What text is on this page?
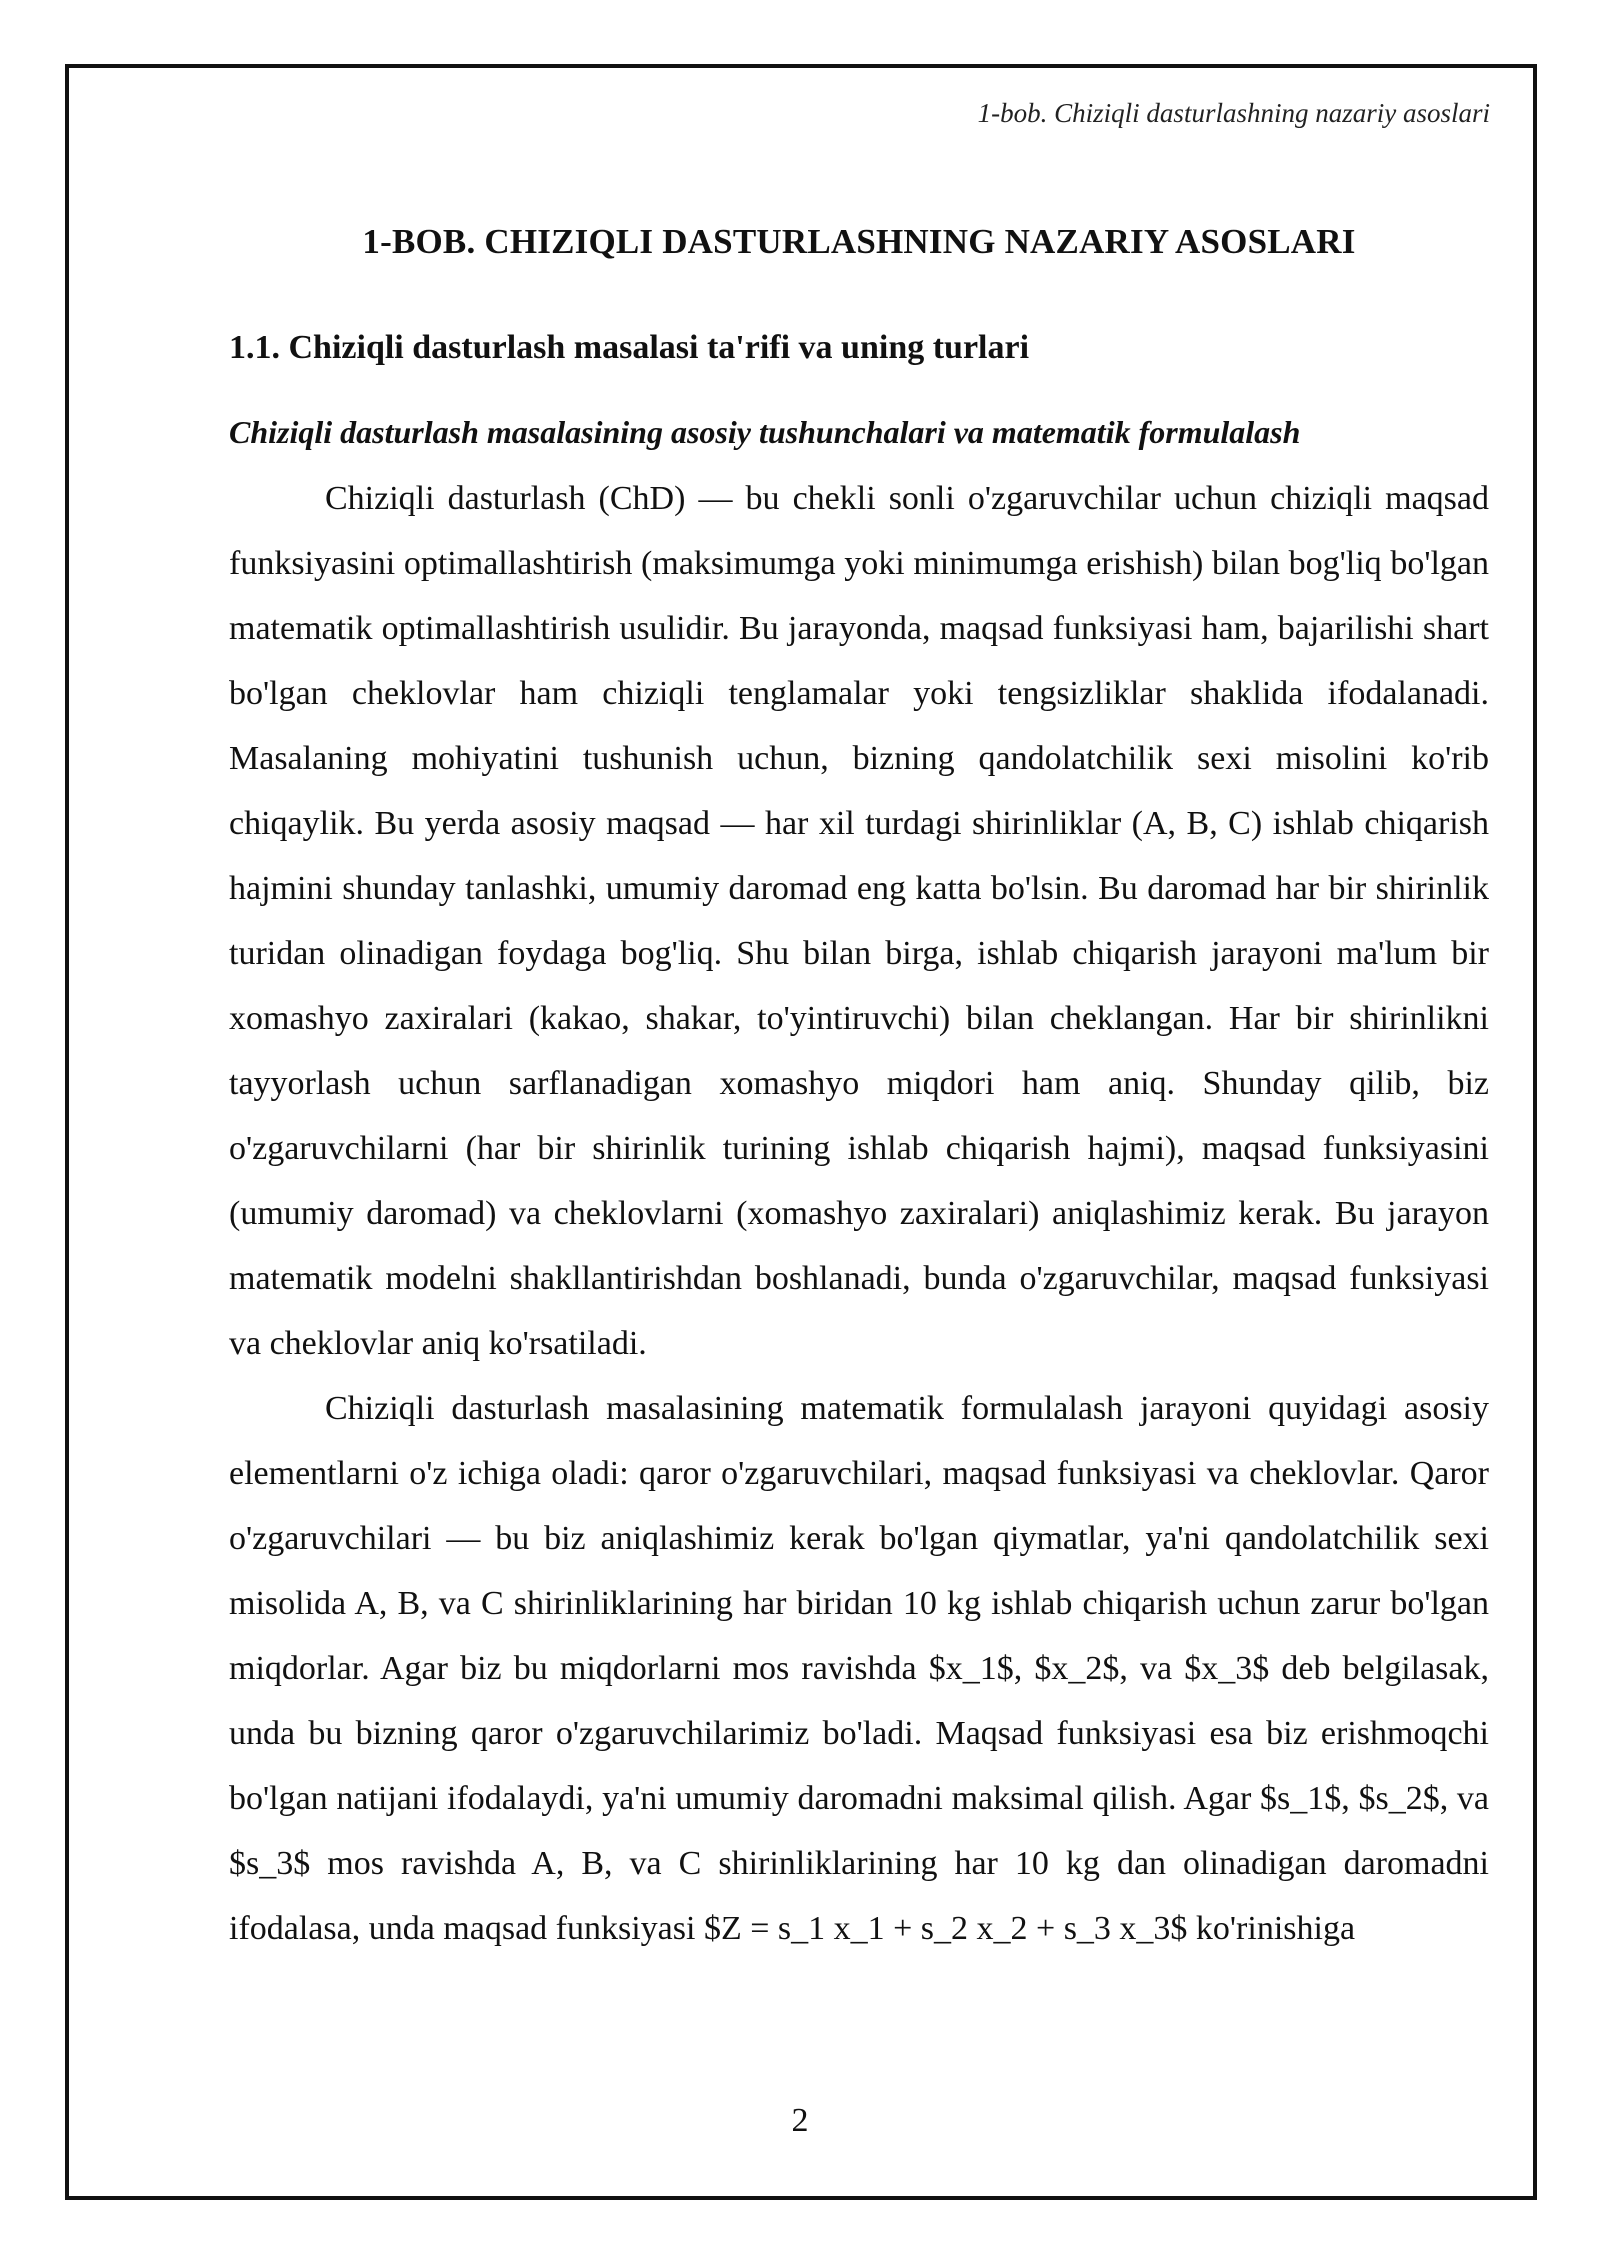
1-bob. Chiziqli dasturlashning nazariy asoslari
1-BOB. CHIZIQLI DASTURLASHNING NAZARIY ASOSLARI
1.1. Chiziqli dasturlash masalasi ta'rifi va uning turlari
Chiziqli dasturlash masalasining asosiy tushunchalari va matematik formulalash

Chiziqli dasturlash (ChD) — bu chekli sonli o'zgaruvchilar uchun chiziqli maqsad funksiyasini optimallashtirish (maksimumga yoki minimumga erishish) bilan bog'liq bo'lgan matematik optimallashtirish usulidir. Bu jarayonda, maqsad funksiyasi ham, bajarilishi shart bo'lgan cheklovlar ham chiziqli tenglamalar yoki tengsizliklar shaklida ifodalanadi. Masalaning mohiyatini tushunish uchun, bizning qandolatchilik sexi misolini ko'rib chiqaylik. Bu yerda asosiy maqsad — har xil turdagi shirinliklar (A, B, C) ishlab chiqarish hajmini shunday tanlashki, umumiy daromad eng katta bo'lsin. Bu daromad har bir shirinlik turidan olinadigan foydaga bog'liq. Shu bilan birga, ishlab chiqarish jarayoni ma'lum bir xomashyo zaxiralari (kakao, shakar, to'yintiruvchi) bilan cheklangan. Har bir shirinlikni tayyorlash uchun sarflanadigan xomashyo miqdori ham aniq. Shunday qilib, biz o'zgaruvchilarni (har bir shirinlik turining ishlab chiqarish hajmi), maqsad funksiyasini (umumiy daromad) va cheklovlarni (xomashyo zaxiralari) aniqlashimiz kerak. Bu jarayon matematik modelni shakllantirishdan boshlanadi, bunda o'zgaruvchilar, maqsad funksiyasi va cheklovlar aniq ko'rsatiladi.

Chiziqli dasturlash masalasining matematik formulalash jarayoni quyidagi asosiy elementlarni o'z ichiga oladi: qaror o'zgaruvchilari, maqsad funksiyasi va cheklovlar. Qaror o'zgaruvchilari — bu biz aniqlashimiz kerak bo'lgan qiymatlar, ya'ni qandolatchilik sexi misolida A, B, va C shirinliklarining har biridan 10 kg ishlab chiqarish uchun zarur bo'lgan miqdorlar. Agar biz bu miqdorlarni mos ravishda $x_1$, $x_2$, va $x_3$ deb belgilasak, unda bu bizning qaror o'zgaruvchilarimiz bo'ladi. Maqsad funksiyasi esa biz erishmoqchi bo'lgan natijani ifodalaydi, ya'ni umumiy daromadni maksimal qilish. Agar $s_1$, $s_2$, va $s_3$ mos ravishda A, B, va C shirinliklarining har 10 kg dan olinadigan daromadni ifodalasa, unda maqsad funksiyasi $Z = s_1 x_1 + s_2 x_2 + s_3 x_3$ ko'rinishiga

2
